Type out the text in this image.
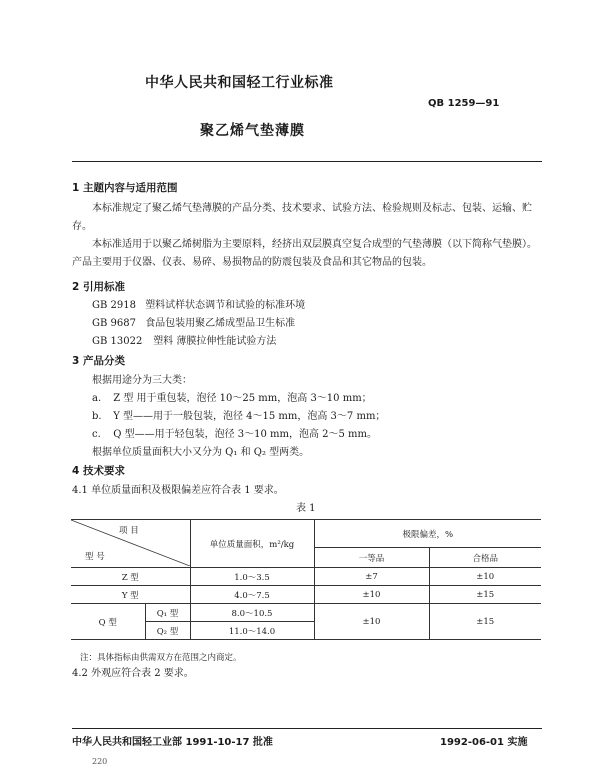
中华人民共和国轻工行业标准
QB 1259—91
聚乙烯气垫薄膜
1 主题内容与适用范围

本标准规定了聚乙烯气垫薄膜的产品分类、技术要求、试验方法、检验规则及标志、包装、运输、贮存。

本标准适用于以聚乙烯树脂为主要原料，经挤出双层膜真空复合成型的气垫薄膜（以下简称气垫膜）。产品主要用于仪器、仪表、易碎、易损物品的防震包装及食品和其它物品的包装。

2 引用标准
GB 2918 塑料试样状态调节和试验的标准环境
GB 9687 食品包装用聚乙烯成型品卫生标准
GB 13022 塑料 薄膜拉伸性能试验方法
3 产品分类
根据用途分为三大类：
a. Z 型 用于重包装，泡径 10～25 mm，泡高 3～10 mm；
b. Y 型——用于一般包装，泡径 4～15 mm，泡高 3～7 mm；
c. Q 型——用于轻包装，泡径 3～10 mm，泡高 2～5 mm。
根据单位质量面积大小又分为 Q₁ 和 Q₂ 型两类。
4 技术要求
4.1 单位质量面积及极限偏差应符合表 1 要求。
表 1
项 目
型 号		单位质量面积，m²/kg	极限偏差，%	
			一等品	合格品
Z 型		1.0～3.5	±7	±10
Y 型		4.0～7.5	±10	±15
Q 型	Q₁ 型	8.0～10.5	±10	±15
	Q₂ 型	11.0～14.0		
注：具体指标由供需双方在范围之内商定。
4.2 外观应符合表 2 要求。
中华人民共和国轻工业部 1991-10-17 批准	1992-06-01 实施
220
